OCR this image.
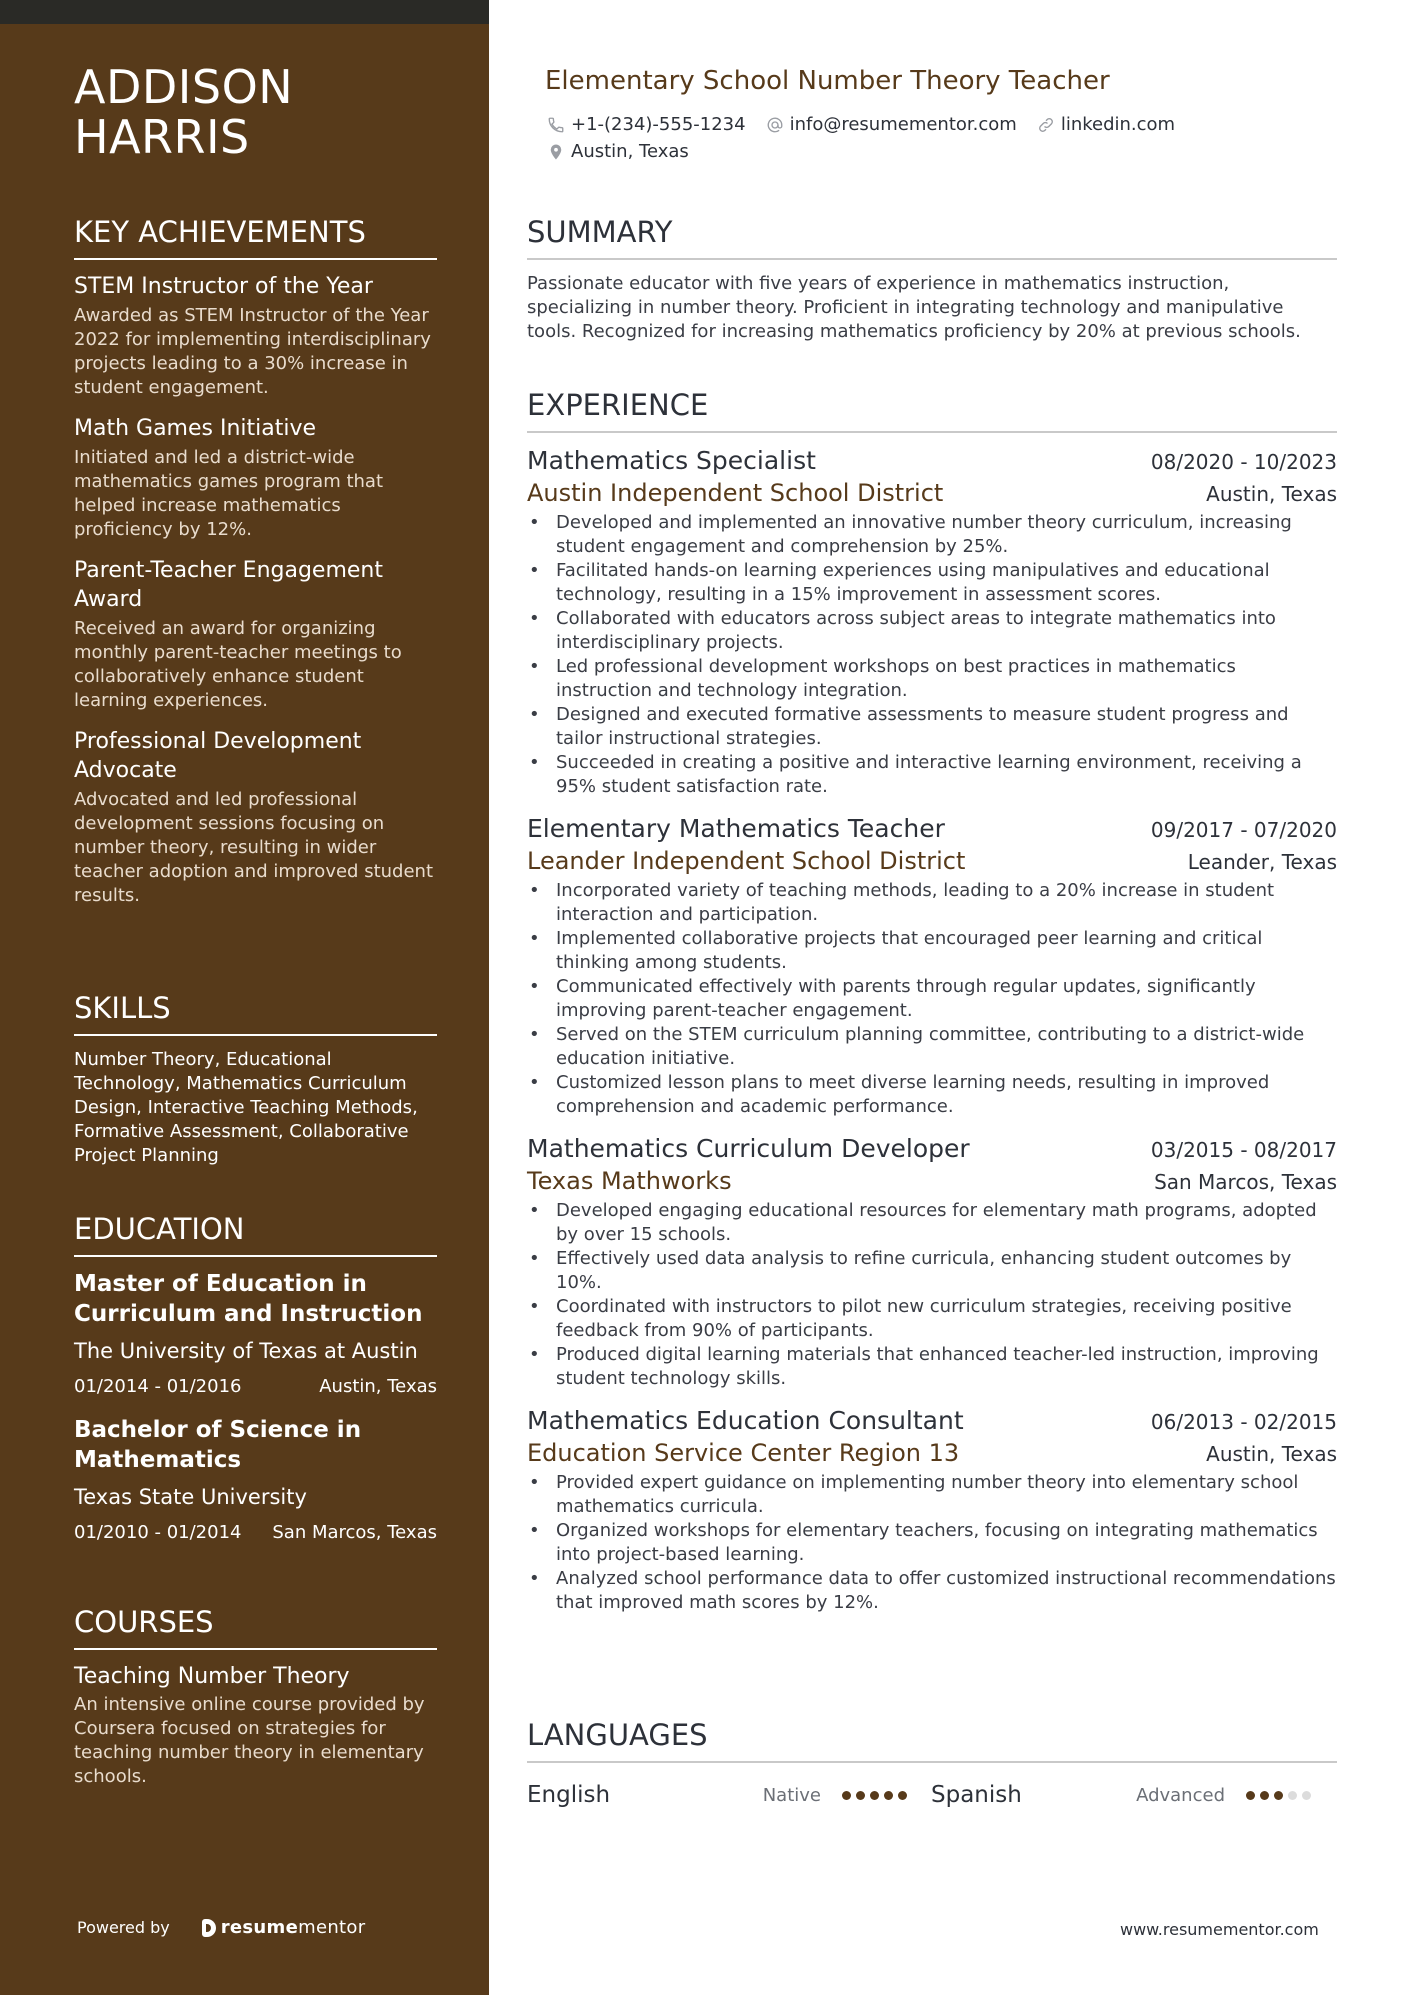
ADDISON
HARRIS
KEY ACHIEVEMENTS
STEM Instructor of the Year
Awarded as STEM Instructor of the Year 2022 for implementing interdisciplinary projects leading to a 30% increase in student engagement.
Math Games Initiative
Initiated and led a district-wide mathematics games program that helped increase mathematics proficiency by 12%.
Parent-Teacher Engagement Award
Received an award for organizing monthly parent-teacher meetings to collaboratively enhance student learning experiences.
Professional Development Advocate
Advocated and led professional development sessions focusing on number theory, resulting in wider teacher adoption and improved student results.
SKILLS
Number Theory, Educational Technology, Mathematics Curriculum Design, Interactive Teaching Methods, Formative Assessment, Collaborative Project Planning
EDUCATION
Master of Education in Curriculum and Instruction
The University of Texas at Austin
01/2014 - 01/2016	Austin, Texas
Bachelor of Science in Mathematics
Texas State University
01/2010 - 01/2014 San Marcos, Texas
COURSES
Teaching Number Theory
An intensive online course provided by Coursera focused on strategies for teaching number theory in elementary schools.
Powered by	resume mentor
Elementary School Number Theory Teacher
+1-(234)-555-1234 info@resumementor.com linkedin.com
Austin, Texas
SUMMARY
Passionate educator with five years of experience in mathematics instruction, specializing in number theory. Proficient in integrating technology and manipulative tools. Recognized for increasing mathematics proficiency by 20% at previous schools.
EXPERIENCE
Mathematics Specialist	08/2020 - 10/2023
Austin Independent School District	Austin, Texas
• Developed and implemented an innovative number theory curriculum, increasing student engagement and comprehension by 25%.
• Facilitated hands-on learning experiences using manipulatives and educational technology, resulting in a 15% improvement in assessment scores.
• Collaborated with educators across subject areas to integrate mathematics into interdisciplinary projects.
• Led professional development workshops on best practices in mathematics instruction and technology integration.
• Designed and executed formative assessments to measure student progress and tailor instructional strategies.
• Succeeded in creating a positive and interactive learning environment, receiving a 95% student satisfaction rate.
Elementary Mathematics Teacher	09/2017 - 07/2020
Leander Independent School District	Leander, Texas
• Incorporated variety of teaching methods, leading to a 20% increase in student interaction and participation.
• Implemented collaborative projects that encouraged peer learning and critical thinking among students.
• Communicated effectively with parents through regular updates, significantly improving parent-teacher engagement.
• Served on the STEM curriculum planning committee, contributing to a district-wide education initiative.
• Customized lesson plans to meet diverse learning needs, resulting in improved comprehension and academic performance.
Mathematics Curriculum Developer	03/2015 - 08/2017
Texas Mathworks	San Marcos, Texas
• Developed engaging educational resources for elementary math programs, adopted by over 15 schools.
• Effectively used data analysis to refine curricula, enhancing student outcomes by 10%.
• Coordinated with instructors to pilot new curriculum strategies, receiving positive feedback from 90% of participants.
• Produced digital learning materials that enhanced teacher-led instruction, improving student technology skills.
Mathematics Education Consultant	06/2013 - 02/2015
Education Service Center Region 13	Austin, Texas
• Provided expert guidance on implementing number theory into elementary school mathematics curricula.
• Organized workshops for elementary teachers, focusing on integrating mathematics into project-based learning.
• Analyzed school performance data to offer customized instructional recommendations that improved math scores by 12%.
LANGUAGES
English	Native	Spanish	Advanced
www.resumementor.com
